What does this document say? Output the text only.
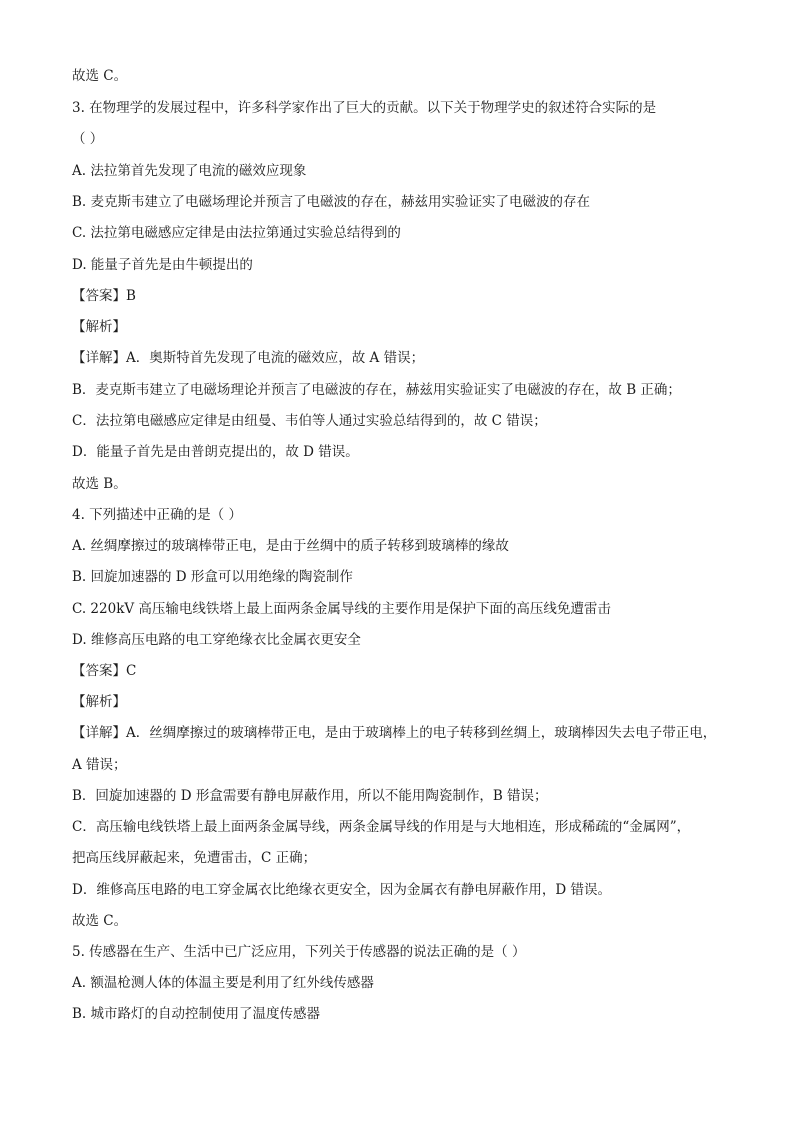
故选 C。
3. 在物理学的发展过程中，许多科学家作出了巨大的贡献。以下关于物理学史的叙述符合实际的是
（ ）
A. 法拉第首先发现了电流的磁效应现象
B. 麦克斯韦建立了电磁场理论并预言了电磁波的存在，赫兹用实验证实了电磁波的存在
C. 法拉第电磁感应定律是由法拉第通过实验总结得到的
D. 能量子首先是由牛顿提出的
【答案】B
【解析】
【详解】A．奥斯特首先发现了电流的磁效应，故 A 错误；
B．麦克斯韦建立了电磁场理论并预言了电磁波的存在，赫兹用实验证实了电磁波的存在，故 B 正确；
C．法拉第电磁感应定律是由纽曼、韦伯等人通过实验总结得到的，故 C 错误；
D．能量子首先是由普朗克提出的，故 D 错误。
故选 B。
4. 下列描述中正确的是（ ）
A. 丝绸摩擦过的玻璃棒带正电，是由于丝绸中的质子转移到玻璃棒的缘故
B. 回旋加速器的 D 形盒可以用绝缘的陶瓷制作
C. 220kV 高压输电线铁塔上最上面两条金属导线的主要作用是保护下面的高压线免遭雷击
D. 维修高压电路的电工穿绝缘衣比金属衣更安全
【答案】C
【解析】
【详解】A．丝绸摩擦过的玻璃棒带正电，是由于玻璃棒上的电子转移到丝绸上，玻璃棒因失去电子带正电，
A 错误；
B．回旋加速器的 D 形盒需要有静电屏蔽作用，所以不能用陶瓷制作，B 错误；
C．高压输电线铁塔上最上面两条金属导线，两条金属导线的作用是与大地相连，形成稀疏的“金属网”，
把高压线屏蔽起来，免遭雷击，C 正确；
D．维修高压电路的电工穿金属衣比绝缘衣更安全，因为金属衣有静电屏蔽作用，D 错误。
故选 C。
5. 传感器在生产、生活中已广泛应用，下列关于传感器的说法正确的是（ ）
A. 额温枪测人体的体温主要是利用了红外线传感器
B. 城市路灯的自动控制使用了温度传感器
